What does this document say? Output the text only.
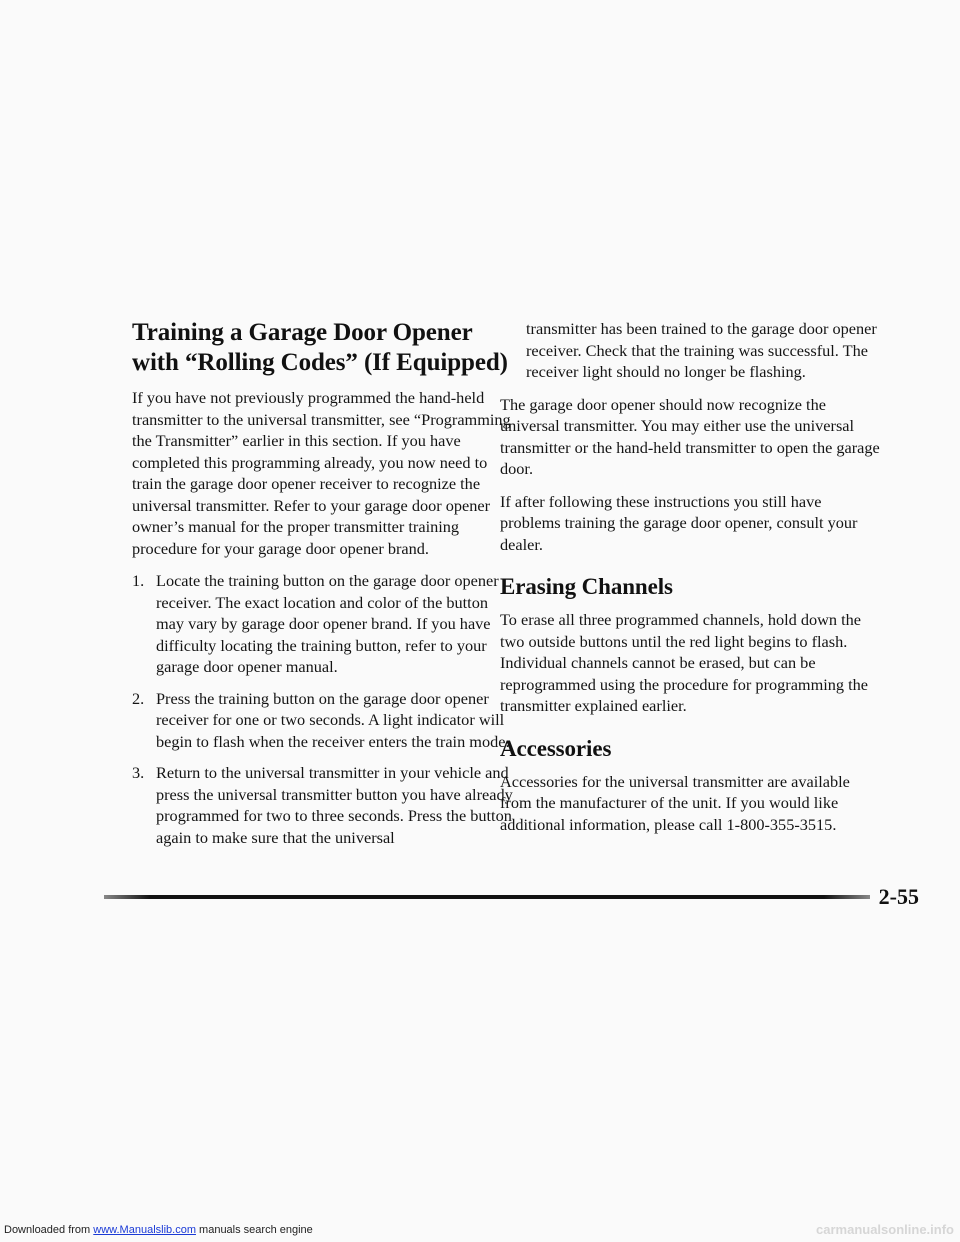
Training a Garage Door Opener with “Rolling Codes” (If Equipped)

If you have not previously programmed the hand-held transmitter to the universal transmitter, see “Programming the Transmitter” earlier in this section. If you have completed this programming already, you now need to train the garage door opener receiver to recognize the universal transmitter. Refer to your garage door opener owner’s manual for the proper transmitter training procedure for your garage door opener brand.

1. Locate the training button on the garage door opener receiver. The exact location and color of the button may vary by garage door opener brand. If you have difficulty locating the training button, refer to your garage door opener manual.
2. Press the training button on the garage door opener receiver for one or two seconds. A light indicator will begin to flash when the receiver enters the train mode.
3. Return to the universal transmitter in your vehicle and press the universal transmitter button you have already programmed for two to three seconds. Press the button again to make sure that the universal

transmitter has been trained to the garage door opener receiver. Check that the training was successful. The receiver light should no longer be flashing.

The garage door opener should now recognize the universal transmitter. You may either use the universal transmitter or the hand-held transmitter to open the garage door.

If after following these instructions you still have problems training the garage door opener, consult your dealer.

Erasing Channels

To erase all three programmed channels, hold down the two outside buttons until the red light begins to flash. Individual channels cannot be erased, but can be reprogrammed using the procedure for programming the transmitter explained earlier.

Accessories

Accessories for the universal transmitter are available from the manufacturer of the unit. If you would like additional information, please call 1-800-355-3515.

2-55
Downloaded from www.Manualslib.com manuals search engine	carmanualsonline.info
